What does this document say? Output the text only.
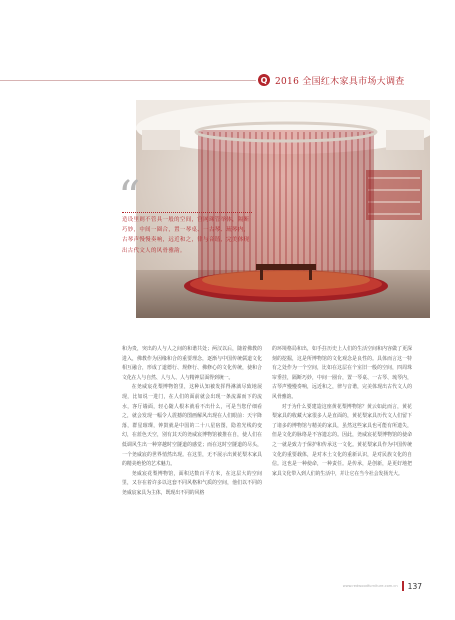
Q 2016 全国红木家具市场大调查
“
造设里则不管具一般的空间，宫网珠管举体，隔断巧妙，中间一圈合，置一琴桌、一古琴、琉琴内，古琴声慢慢奏响，远近和之，律与音谐，完美体现出古代文人的风骨雅韵。

和为贵，突出的人与人之间的和谐共处；两汉以后，随着佛教的进入，佛教作为因缘和合的重要理念，逐渐与中国传统儒道文化相互融合，形成了道德行、规修行、佛修心的文化传统，使和合文化在人与自然、人与人、人与精神层面得到统一。

在尧威宸花梨博物馆里，这种认知被发挥得淋漓尽致地展现，比如说一进门，在人们的面前就会出现一条流瀑而下的流水，客厅墙面，轻心随人根本就看不出什么，可是当您仔细看之，就会发现一幅令人震撼的图画解风出现在人们眼前：天宇降落，群星璀璨，钟鼓就是中国的二十八星宿图，隐着光线的变幻，在蓝色天空，别有其天的尧威宸博物馆被推在自，使人们在低调风生出一种穿越时空隧道的感觉；而在这时空隧道的尽头，一个尧威宸的世界悄然出现。在这里，无不展示出黄花梨木家具的精美绝伦的艺术魅力。

尧威宸花梨博物馆，面积达数百平方米，在这层大的空间里，又存在着许多以这套不同风格和气质的空间，他们以不同的尧威宸家具为主体，既现出不同的风格

的环境格局和出，如手拄历史上人们的生活空间和内容做了更深刻的挖掘，这是所博物馆的文化观念是良性的。具体而言这一特有之处作为一个空间，比如在这层在个室旧一般的空间，四周珠帘垂挂，隔断巧妙，中间一圈台，置一琴桌、一古琴、琉琴内，古琴声慢慢奏响，远近和之，律与音谐，完美体现出古代文人的风骨雅韵。

对于为什么要建造这座黄花梨博物馆？黄云如此而言，黄花梨家具的收藏大家很多人是直面的，黄花梨家具历代文人们留下了诸多的博物馆与精美的家具，虽然这些家具也可能有所遗失，但是文化的脉络是不容遗忘的。因此，尧威宸花梨博物馆的使命之一就是致力于保护和传承这一文化。黄花梨家具作为中国传统文化的重要载体，是对本土文化的重新认识，是对民族文化的自信。这也是一种使命，一种责任。是传承，是创新，是更好地把家具文化带入到人们的生活中，并让它在当今社会发扬光大。

www.redwoodfurniture.com.cn 137
